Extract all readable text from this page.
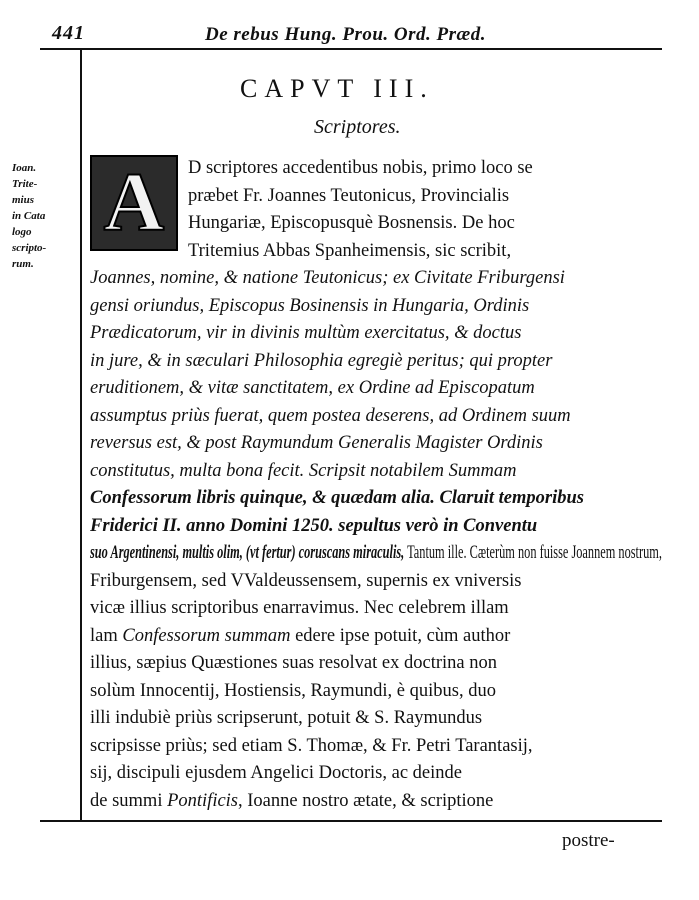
441	De rebus Hung. Prou. Ord. Præd.
CAPVT III.
Scriptores.
Ioan.
Trite-
mius
in Cata
logo
scripto-
rum.
A D scriptores accedentibus nobis, primo loco se
præbet Fr. Joannes Teutonicus, Provincialis
Hungariæ, Episcopusquè Bosnensis. De hoc
Tritemius Abbas Spanheimensis, sic scribit,
Joannes, nomine, & natione Teutonicus; ex Civitate Friburgensi
gensi oriundus, Episcopus Bosinensis in Hungaria, Ordinis
Prædicatorum, vir in divinis multùm exercitatus, & doctus
in jure, & in sæculari Philosophia egregiè peritus; qui propter
eruditionem, & vitæ sanctitatem, ex Ordine ad Episcopatum
assumptus priùs fuerat, quem postea deserens, ad Ordinem suum
reversus est, & post Raymundum Generalis Magister Ordinis
constitutus, multa bona fecit. Scripsit notabilem Summam
Confessorum libris quinque, & quædam alia. Claruit temporibus
Friderici II. anno Domini 1250. sepultus verò in Conventu
suo Argentinensi, multis olim, (vt fertur) coruscans miraculis, Tantum ille. Cæterùm non fuisse Joannem nostrum,
Friburgensem, sed VValdeussensem, supernis ex vniversis
vicæ illius scriptoribus enarravimus. Nec celebrem illam
lam Confessorum summam edere ipse potuit, cùm author
illius, sæpius Quæstiones suas resolvat ex doctrina non
solùm Innocentij, Hostiensis, Raymundi, è quibus, duo
illi indubiè priùs scripserunt, potuit & S. Raymundus
scripsisse priùs; sed etiam S. Thomæ, & Fr. Petri Tarantasij,
sij, discipuli ejusdem Angelici Doctoris, ac deinde
de summi Pontificis, Ioanne nostro ætate, & scriptione
postre-
